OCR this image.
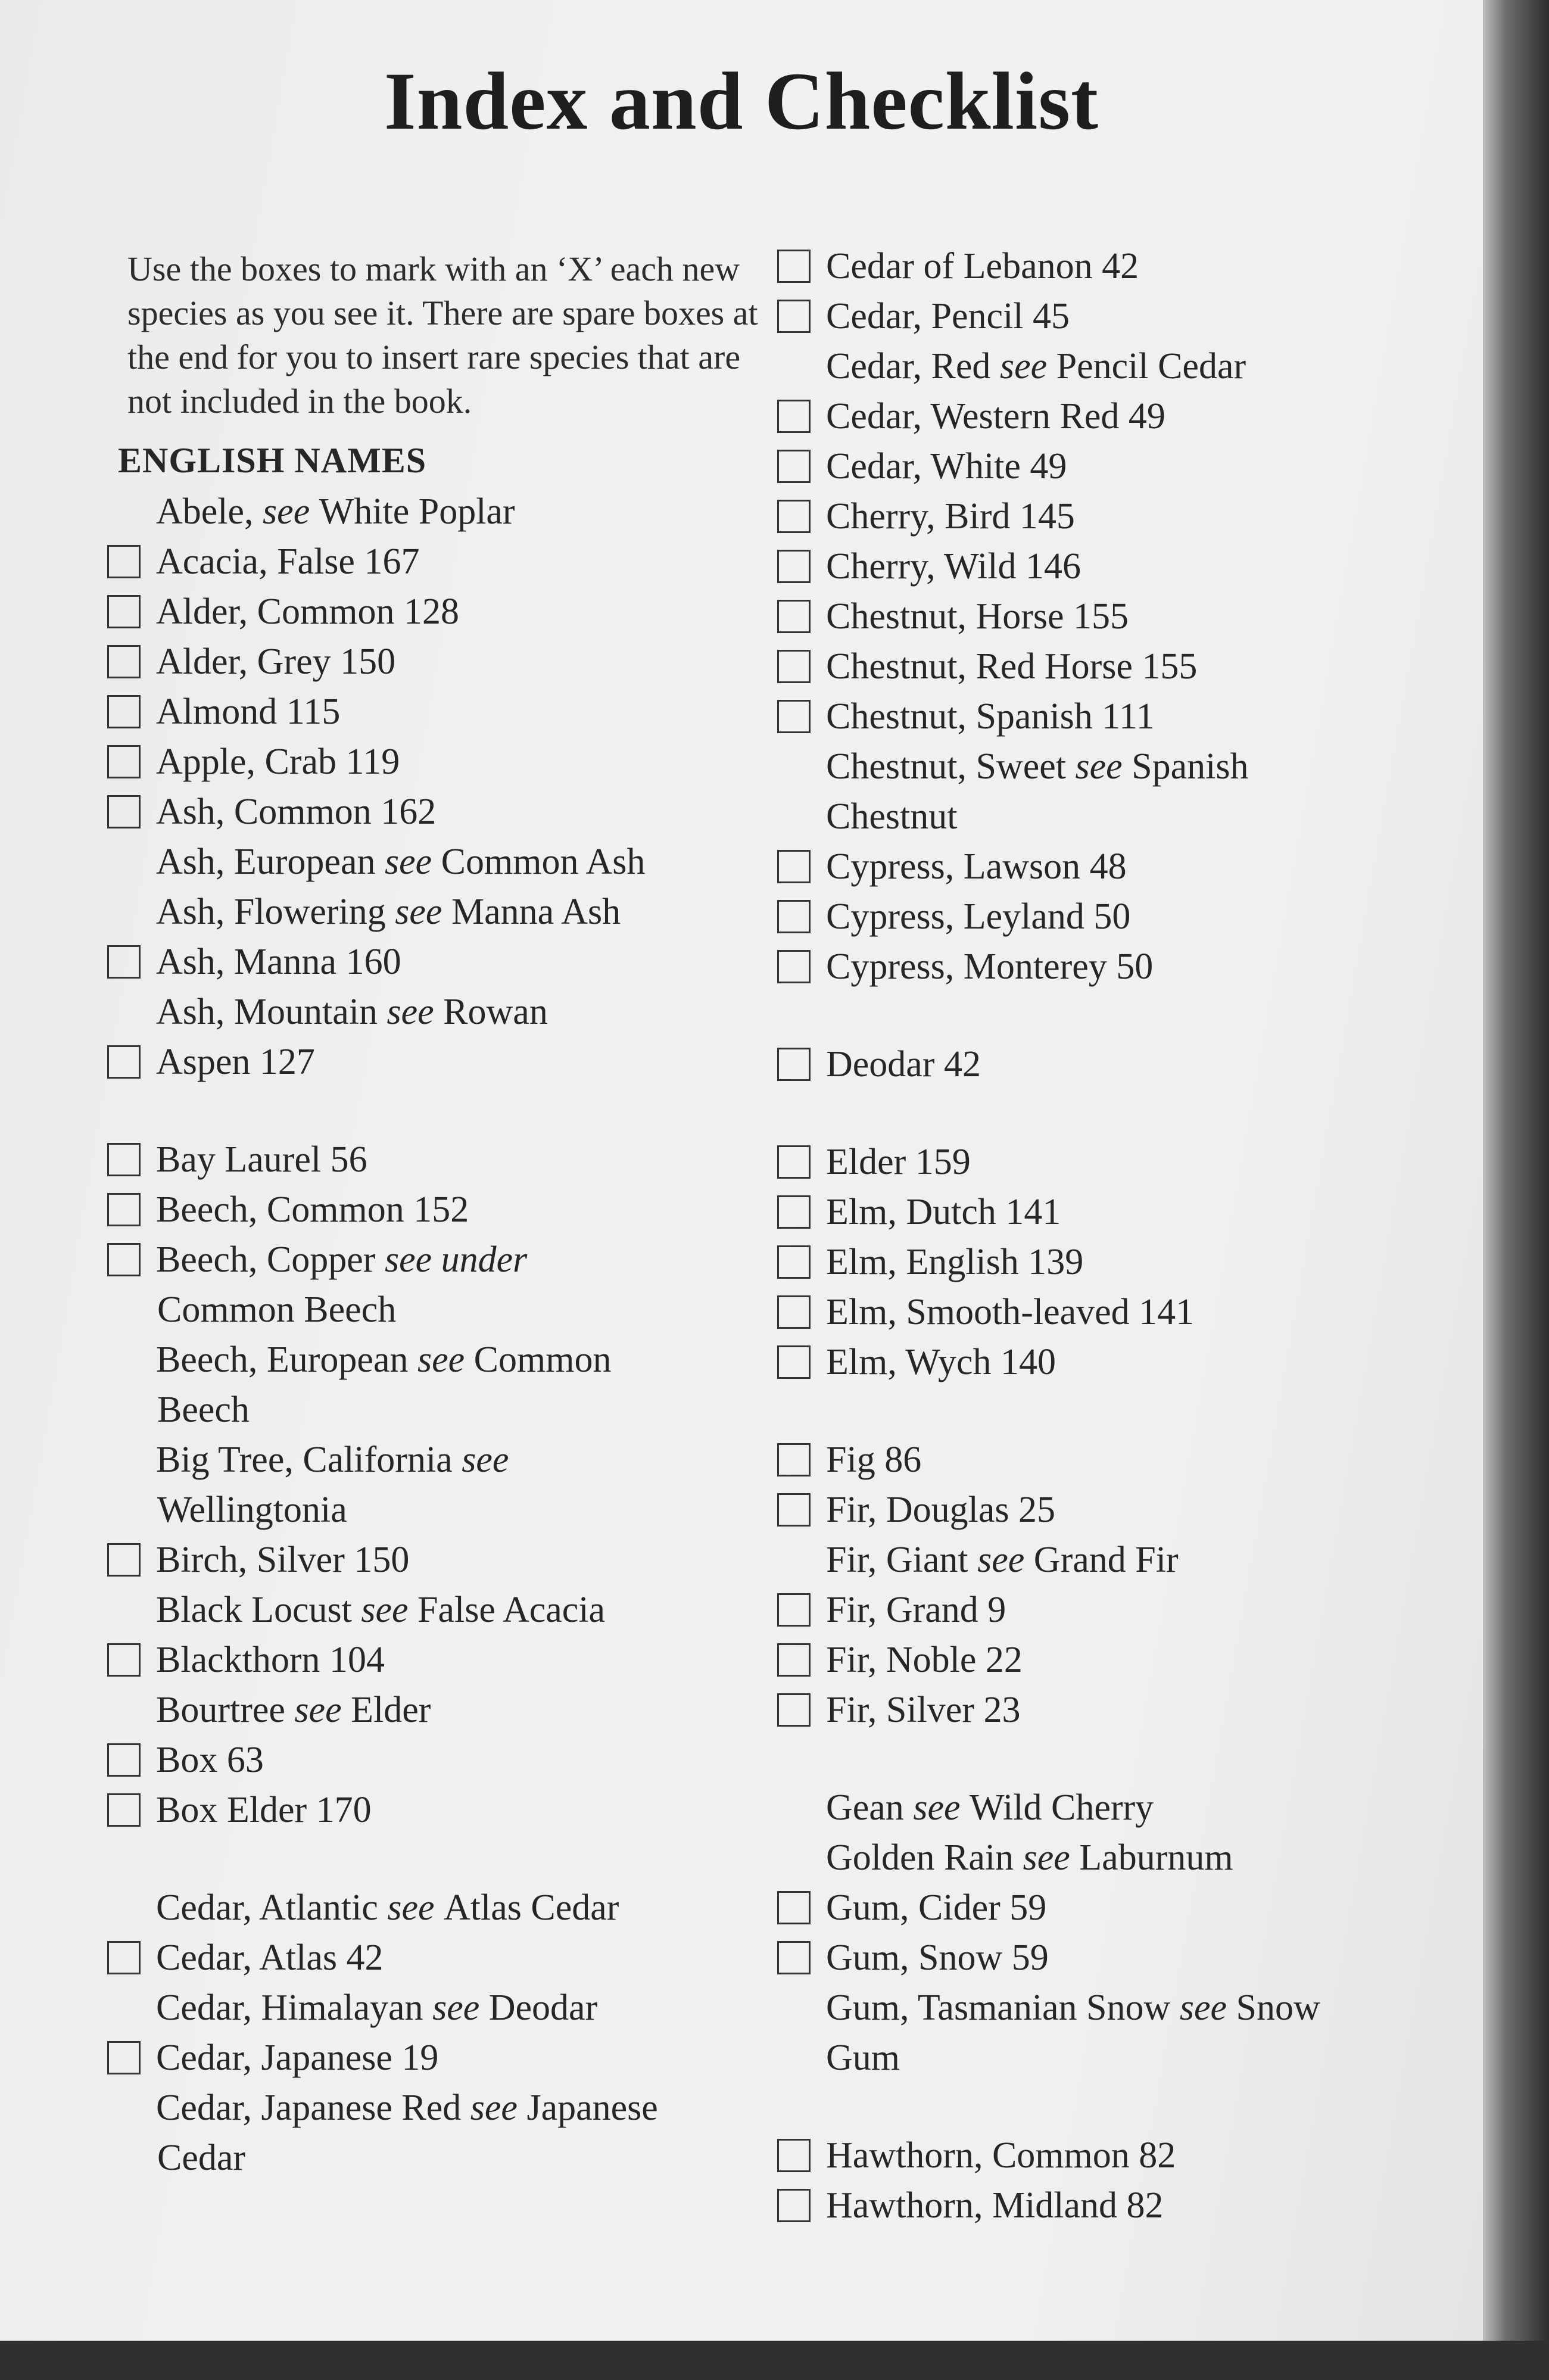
Index and Checklist

Use the boxes to mark with an ‘X’ each new species as you see it. There are spare boxes at the end for you to insert rare species that are not included in the book.

ENGLISH NAMES
Abele,
see
White Poplar
Acacia, False 167
Alder, Common 128
Alder, Grey 150
Almond 115
Apple, Crab 119
Ash, Common 162
Ash, European
see
Common Ash
Ash, Flowering
see
Manna Ash
Ash, Manna 160
Ash, Mountain
see
Rowan
Aspen 127
Bay Laurel 56
Beech, Common 152
Beech, Copper
see under
Common Beech
Beech, European
see
Common
Beech
Big Tree, California
see
Wellingtonia
Birch, Silver 150
Black Locust
see
False Acacia
Blackthorn 104
Bourtree
see
Elder
Box 63
Box Elder 170
Cedar, Atlantic
see
Atlas Cedar
Cedar, Atlas 42
Cedar, Himalayan
see
Deodar
Cedar, Japanese 19
Cedar, Japanese Red
see
Japanese
Cedar
Cedar of Lebanon 42
Cedar, Pencil 45
Cedar, Red
see
Pencil Cedar
Cedar, Western Red 49
Cedar, White 49
Cherry, Bird 145
Cherry, Wild 146
Chestnut, Horse 155
Chestnut, Red Horse 155
Chestnut, Spanish 111
Chestnut, Sweet
see
Spanish
Chestnut
Cypress, Lawson 48
Cypress, Leyland 50
Cypress, Monterey 50
Deodar 42
Elder 159
Elm, Dutch 141
Elm, English 139
Elm, Smooth-leaved 141
Elm, Wych 140
Fig 86
Fir, Douglas 25
Fir, Giant
see
Grand Fir
Fir, Grand 9
Fir, Noble 22
Fir, Silver 23
Gean
see
Wild Cherry
Golden Rain
see
Laburnum
Gum, Cider 59
Gum, Snow 59
Gum, Tasmanian Snow
see
Snow
Gum
Hawthorn, Common 82
Hawthorn, Midland 82
